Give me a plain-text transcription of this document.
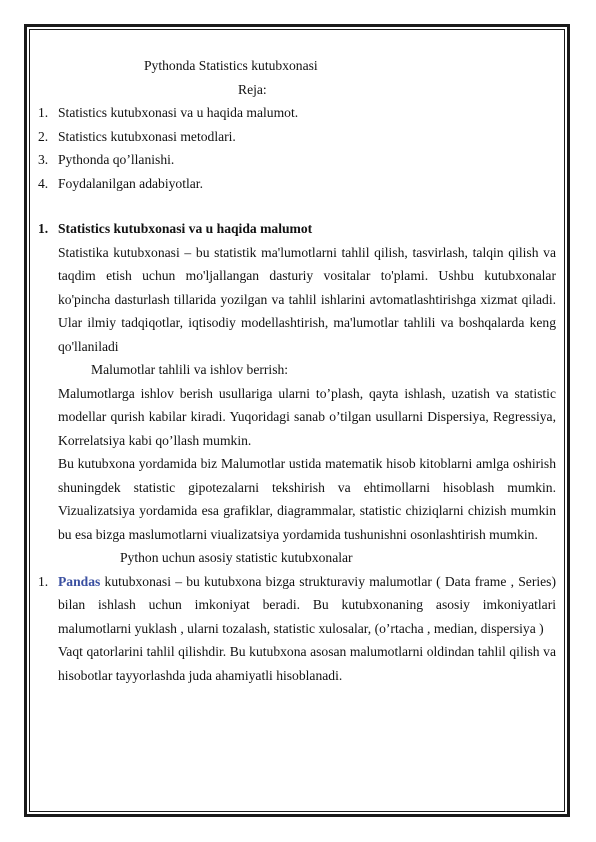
Pythonda Statistics kutubxonasi

Reja:

1. Statistics kutubxonasi va u haqida malumot.
2. Statistics kutubxonasi metodlari.
3. Pythonda qo’llanishi.
4. Foydalanilgan adabiyotlar.
1. Statistics kutubxonasi va u haqida malumot

Statistika kutubxonasi – bu statistik ma'lumotlarni tahlil qilish, tasvirlash, talqin qilish va taqdim etish uchun mo'ljallangan dasturiy vositalar to'plami. Ushbu kutubxonalar ko'pincha dasturlash tillarida yozilgan va tahlil ishlarini avtomatlashtirishga xizmat qiladi. Ular ilmiy tadqiqotlar, iqtisodiy modellashtirish, ma'lumotlar tahlili va boshqalarda keng qo'llaniladi

Malumotlar tahlili va ishlov berrish:

Malumotlarga ishlov berish usullariga ularni to’plash, qayta ishlash, uzatish va statistic modellar qurish kabilar kiradi. Yuqoridagi sanab o’tilgan usullarni Dispersiya, Regressiya, Korrelatsiya kabi qo’llash mumkin.

Bu kutubxona yordamida biz Malumotlar ustida matematik hisob kitoblarni amlga oshirish shuningdek statistic gipotezalarni tekshirish va ehtimollarni hisoblash mumkin. Vizualizatsiya yordamida esa grafiklar, diagrammalar, statistic chiziqlarni chizish mumkin bu esa bizga maslumotlarni viualizatsiya yordamida tushunishni osonlashtirish mumkin.

Python uchun asosiy statistic kutubxonalar

1. Pandas kutubxonasi – bu kutubxona bizga strukturaviy malumotlar ( Data frame , Series) bilan ishlash uchun imkoniyat beradi. Bu kutubxonaning asosiy imkoniyatlari malumotlarni yuklash , ularni tozalash, statistic xulosalar, (o’rtacha , median, dispersiya )

Vaqt qatorlarini tahlil qilishdir. Bu kutubxona asosan malumotlarni oldindan tahlil qilish va hisobotlar tayyorlashda juda ahamiyatli hisoblanadi.
